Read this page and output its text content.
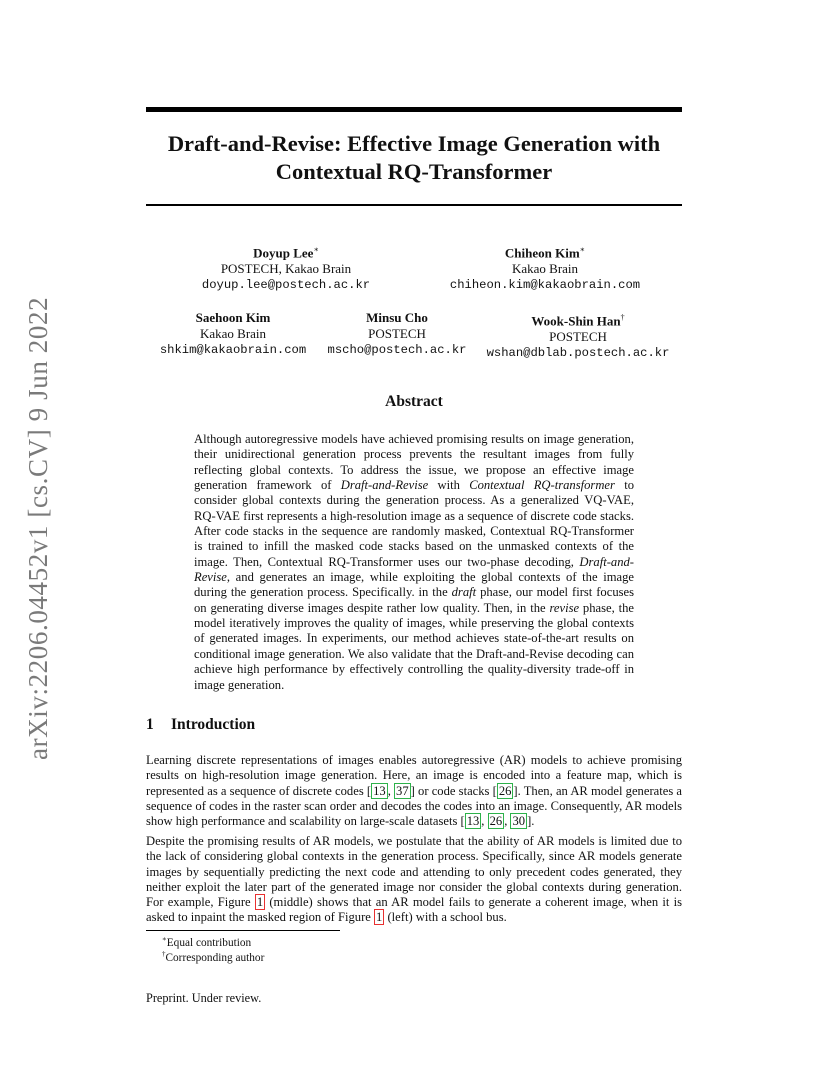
Draft-and-Revise: Effective Image Generation with
Contextual RQ-Transformer
Doyup Lee∗
POSTECH, Kakao Brain
doyup.lee@postech.ac.kr
Chiheon Kim∗
Kakao Brain
chiheon.kim@kakaobrain.com
Saehoon Kim
Kakao Brain
shkim@kakaobrain.com
Minsu Cho
POSTECH
mscho@postech.ac.kr
Wook-Shin Han†
POSTECH
wshan@dblab.postech.ac.kr
arXiv:2206.04452v1 [cs.CV] 9 Jun 2022	Abstract
Although autoregressive models have achieved promising results on image generation, their unidirectional generation process prevents the resultant images from fully reflecting global contexts. To address the issue, we propose an effective image generation framework of Draft-and-Revise with Contextual RQ-transformer to consider global contexts during the generation process. As a generalized VQ-VAE, RQ-VAE first represents a high-resolution image as a sequence of discrete code stacks. After code stacks in the sequence are randomly masked, Contextual RQ-Transformer is trained to infill the masked code stacks based on the unmasked contexts of the image. Then, Contextual RQ-Transformer uses our two-phase decoding, Draft-and-Revise, and generates an image, while exploiting the global contexts of the image during the generation process. Specifically. in the draft phase, our model first focuses on generating diverse images despite rather low quality. Then, in the revise phase, the model iteratively improves the quality of images, while preserving the global contexts of generated images. In experiments, our method achieves state-of-the-art results on conditional image generation. We also validate that the Draft-and-Revise decoding can achieve high performance by effectively controlling the quality-diversity trade-off in image generation.
1 Introduction
Learning discrete representations of images enables autoregressive (AR) models to achieve promising results on high-resolution image generation. Here, an image is encoded into a feature map, which is represented as a sequence of discrete codes [ 13 , 37 ] or code stacks [ 26 ]. Then, an AR model generates a sequence of codes in the raster scan order and decodes the codes into an image. Consequently, AR models show high performance and scalability on large-scale datasets [ 13 , 26 , 30 ].
Despite the promising results of AR models, we postulate that the ability of AR models is limited due to the lack of considering global contexts in the generation process. Specifically, since AR models generate images by sequentially predicting the next code and attending to only precedent codes generated, they neither exploit the later part of the generated image nor consider the global contexts during generation. For example, Figure 1 (middle) shows that an AR model fails to generate a coherent image, when it is asked to inpaint the masked region of Figure 1 (left) with a school bus.
∗Equal contribution
†Corresponding author
Preprint. Under review.
